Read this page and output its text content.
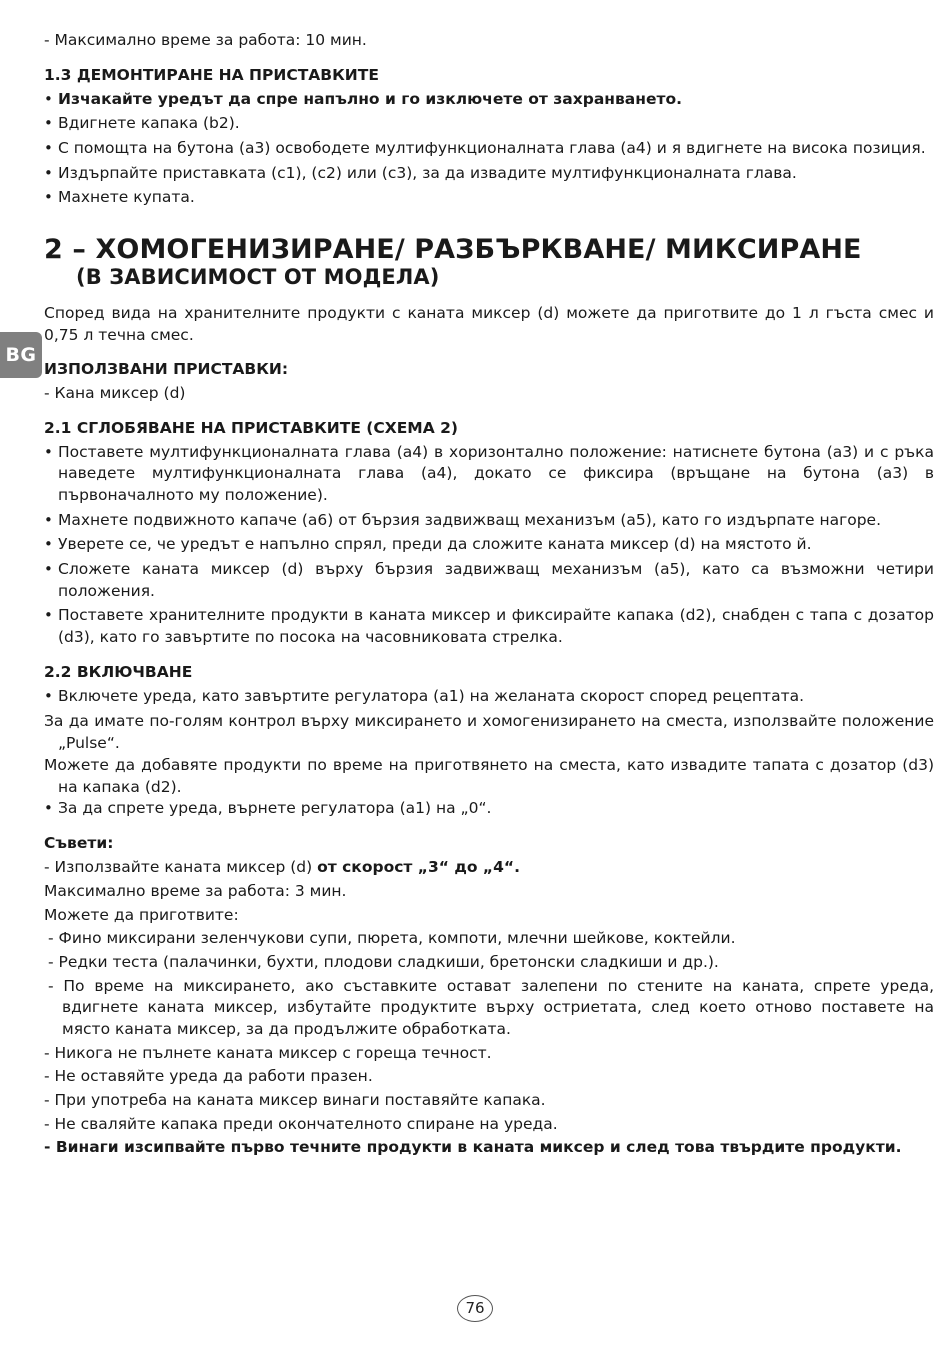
BG

- Максимално време за работа: 10 мин.

1.3 ДЕМОНТИРАНЕ НА ПРИСТАВКИТЕ

• Изчакайте уредът да спре напълно и го изключете от захранването.
• Вдигнете капака (b2).
• С помощта на бутона (a3) освободете мултифункционалната глава (a4) и я вдигнете на висока позиция.
• Издърпайте приставката (c1), (c2) или (c3), за да извадите мултифункционалната глава.
• Махнете купата.
2 – ХОМОГЕНИЗИРАНЕ/ РАЗБЪРКВАНЕ/ МИКСИРАНЕ
(В ЗАВИСИМОСТ ОТ МОДЕЛА)

Според вида на хранителните продукти с каната миксер (d) можете да приготвите до 1 л гъста смес и 0,75 л течна смес.

ИЗПОЛЗВАНИ ПРИСТАВКИ:

- Кана миксер (d)

2.1 СГЛОБЯВАНЕ НА ПРИСТАВКИТЕ (СХЕМА 2)

• Поставете мултифункционалната глава (a4) в хоризонтално положение: натиснете бутона (a3) и с ръка наведете мултифункционалната глава (a4), докато се фиксира (връщане на бутона (a3) в първоначалното му положение).
• Махнете подвижното капаче (a6) от бързия задвижващ механизъм (a5), като го издърпате нагоре.
• Уверете се, че уредът е напълно спрял, преди да сложите каната миксер (d) на мястото й.
• Сложете каната миксер (d) върху бързия задвижващ механизъм (a5), като са възможни четири положения.
• Поставете хранителните продукти в каната миксер и фиксирайте капака (d2), снабден с тапа с дозатор (d3), като го завъртите по посока на часовниковата стрелка.

2.2 ВКЛЮЧВАНЕ

• Включете уреда, като завъртите регулатора (a1) на желаната скорост според рецептата.

За да имате по-голям контрол върху миксирането и хомогенизирането на сместа, използвайте положение „Pulse“.

Можете да добавяте продукти по време на приготвянето на сместа, като извадите тапата с дозатор (d3) на капака (d2).

• За да спрете уреда, върнете регулатора (a1) на „0“.

Съвети:

- Използвайте каната миксер (d) от скорост „3“ до „4“.

Максимално време за работа: 3 мин.

Можете да приготвите:

- Фино миксирани зеленчукови супи, пюрета, компоти, млечни шейкове, коктейли.

- Редки теста (палачинки, бухти, плодови сладкиши, бретонски сладкиши и др.).

- По време на миксирането, ако съставките остават залепени по стените на каната, спрете уреда, вдигнете каната миксер, избутайте продуктите върху остриетата, след което отново поставете на място каната миксер, за да продължите обработката.

- Никога не пълнете каната миксер с гореща течност.

- Не оставяйте уреда да работи празен.

- При употреба на каната миксер винаги поставяйте капака.

- Не сваляйте капака преди окончателното спиране на уреда.

- Винаги изсипвайте първо течните продукти в каната миксер и след това твърдите продукти.

76
